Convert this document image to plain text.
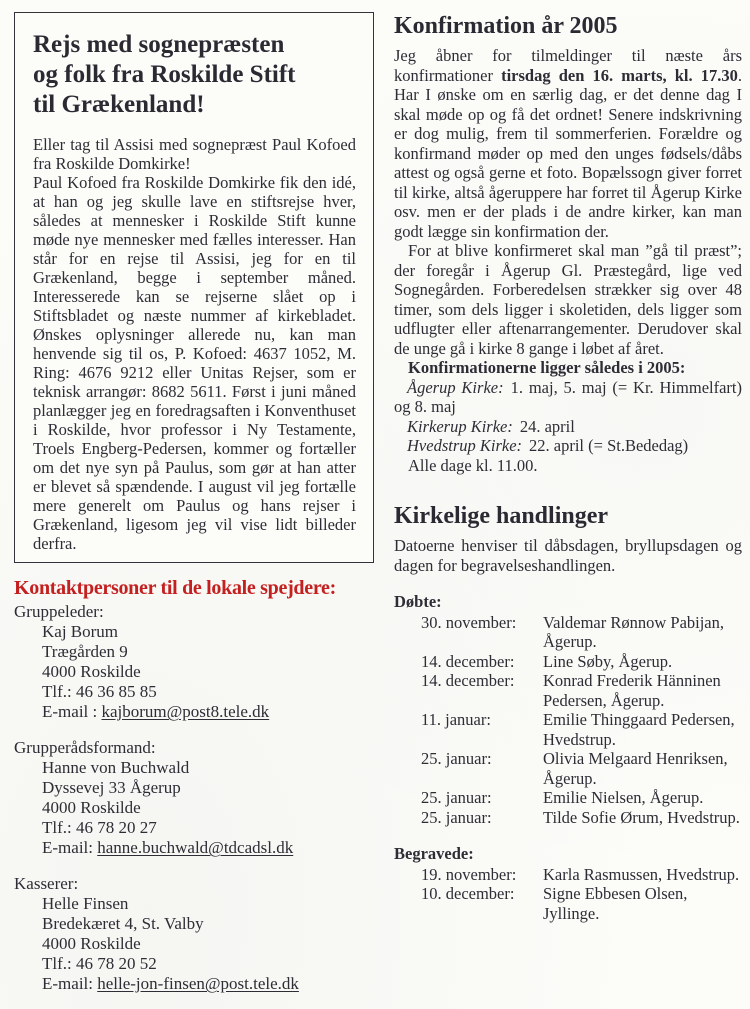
Rejs med sognepræsten
og folk fra Roskilde Stift
til Grækenland!

Eller tag til Assisi med sognepræst Paul Kofoed fra Roskilde Domkirke!

Paul Kofoed fra Roskilde Domkirke fik den idé, at han og jeg skulle lave en stiftsrejse hver, således at mennesker i Roskilde Stift kunne møde nye mennesker med fælles interesser. Han står for en rejse til Assisi, jeg for en til Grækenland, begge i september måned. Interesserede kan se rejserne slået op i Stiftsbladet og næste nummer af kirkebladet. Ønskes oplysninger allerede nu, kan man henvende sig til os, P. Kofoed: 4637 1052, M. Ring: 4676 9212 eller Unitas Rejser, som er teknisk arrangør: 8682 5611. Først i juni måned planlægger jeg en foredragsaften i Konventhuset i Roskilde, hvor professor i Ny Testamente, Troels Engberg-Pedersen, kommer og fortæller om det nye syn på Paulus, som gør at han atter er blevet så spændende. I august vil jeg fortælle mere generelt om Paulus og hans rejser i Grækenland, ligesom jeg vil vise lidt billeder derfra.

Kontaktpersoner til de lokale spejdere:
Gruppeleder:
Kaj Borum
Trægården 9
4000 Roskilde
Tlf.: 46 36 85 85
E-mail : kajborum@post8.tele.dk
Grupperådsformand:
Hanne von Buchwald
Dyssevej 33 Ågerup
4000 Roskilde
Tlf.: 46 78 20 27
E-mail: hanne.buchwald@tdcadsl.dk
Kasserer:
Helle Finsen
Bredekæret 4, St. Valby
4000 Roskilde
Tlf.: 46 78 20 52
E-mail: helle-jon-finsen@post.tele.dk
Konfirmation år 2005

Jeg åbner for tilmeldinger til næste års konfirmationer tirsdag den 16. marts, kl. 17.30. Har I ønske om en særlig dag, er det denne dag I skal møde op og få det ordnet! Senere indskrivning er dog mulig, frem til sommerferien. Forældre og konfirmand møder op med den unges fødsels/dåbs attest og også gerne et foto. Bopælssogn giver forret til kirke, altså ågeruppere har forret til Ågerup Kirke osv. men er der plads i de andre kirker, kan man godt lægge sin konfirmation der.

For at blive konfirmeret skal man ”gå til præst”; der foregår i Ågerup Gl. Præstegård, lige ved Sognegården. Forberedelsen strækker sig over 48 timer, som dels ligger i skoletiden, dels ligger som udflugter eller aftenarrangementer. Derudover skal de unge gå i kirke 8 gange i løbet af året.

Konfirmationerne ligger således i 2005:

Ågerup Kirke: 1. maj, 5. maj (= Kr. Himmelfart) og 8. maj

Kirkerup Kirke: 24. april

Hvedstrup Kirke: 22. april (= St.Bededag)

Alle dage kl. 11.00.

Kirkelige handlinger

Datoerne henviser til dåbsdagen, bryllupsdagen og dagen for begravelseshandlingen.

Døbte:

30. november:	Valdemar Rønnow Pabijan, Ågerup.
14. december:	Line Søby, Ågerup.
14. december:	Konrad Frederik Hänninen Pedersen, Ågerup.
11. januar:	Emilie Thinggaard Pedersen, Hvedstrup.
25. januar:	Olivia Melgaard Henriksen, Ågerup.
25. januar:	Emilie Nielsen, Ågerup.
25. januar:	Tilde Sofie Ørum, Hvedstrup.

Begravede:

19. november:	Karla Rasmussen, Hvedstrup.
10. december:	Signe Ebbesen Olsen, Jyllinge.
